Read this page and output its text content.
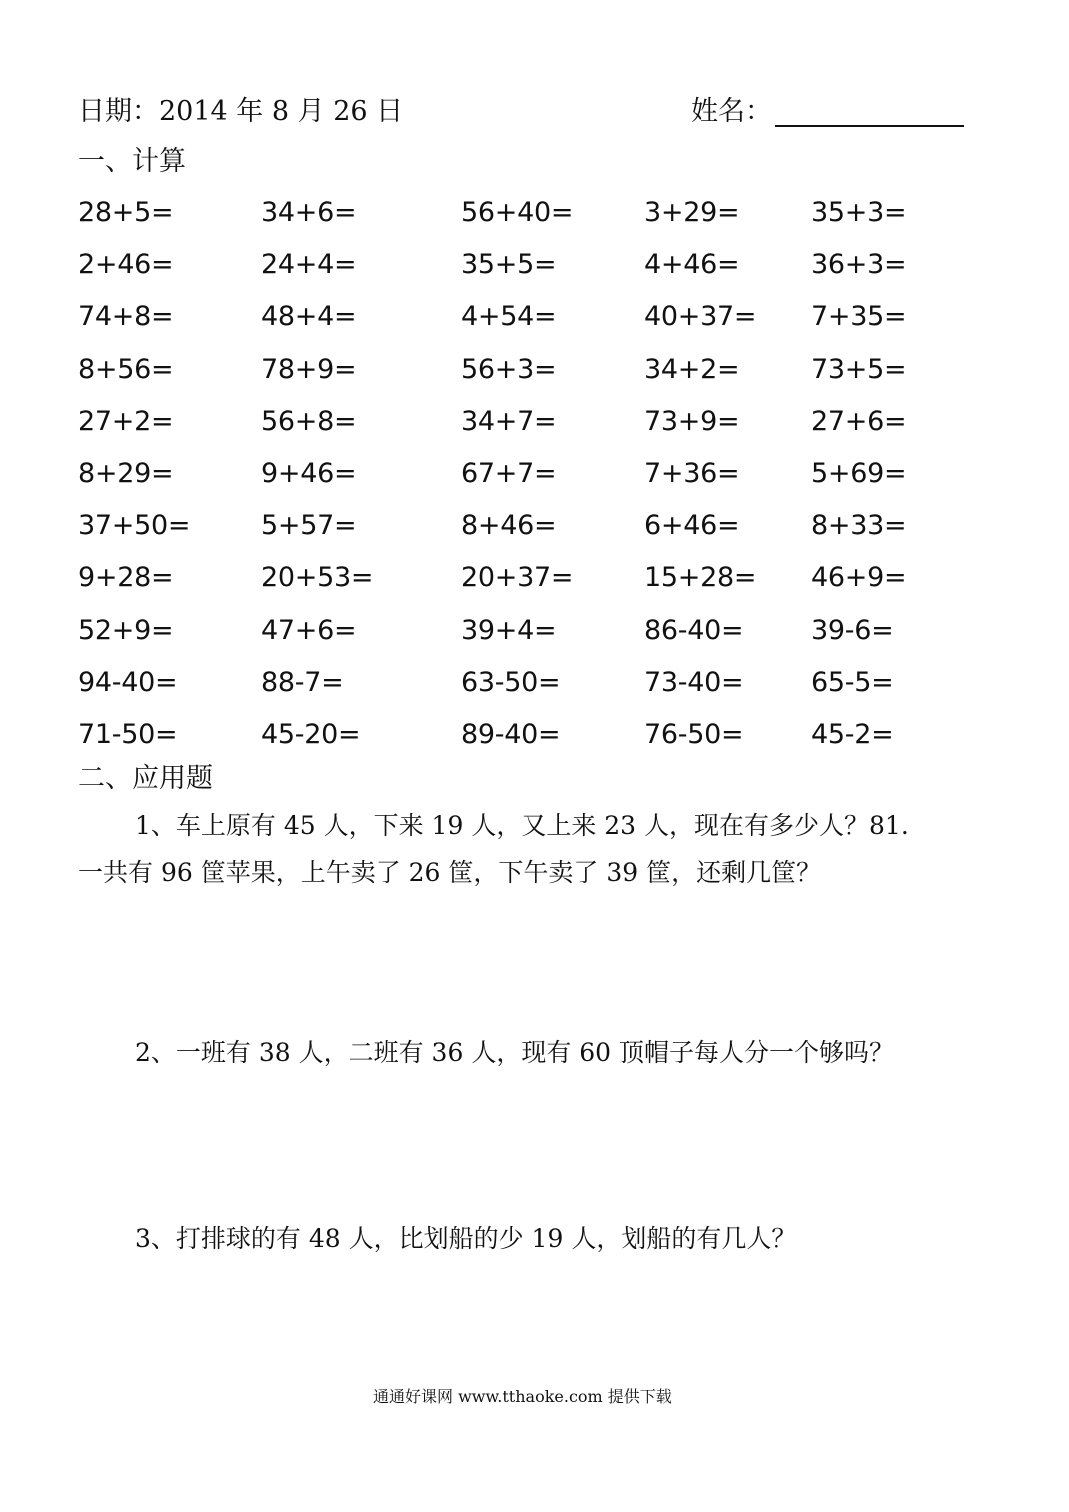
日期：2014 年 8 月 26 日	姓名：
一、计算
28+5=	34+6=	56+40=	3+29=	35+3=
2+46=	24+4=	35+5=	4+46=	36+3=
74+8=	48+4=	4+54=	40+37= 7+35=
8+56=	78+9=	56+3=	34+2=	73+5=
27+2=	56+8=	34+7=	73+9=	27+6=
8+29=	9+46=	67+7=	7+36=	5+69=
37+50=	5+57=	8+46=	6+46=	8+33=
9+28=	20+53=	20+37=	15+28= 46+9=
52+9=	47+6=	39+4=	86-40=	39-6=
94-40=	88-7=	63-50=	73-40=	65-5=
71-50=	45-20=	89-40=	76-50=	45-2=
二、应用题
1、车上原有 45 人，下来 19 人，又上来 23 人，现在有多少人？81.
一共有 96 筐苹果，上午卖了 26 筐，下午卖了 39 筐，还剩几筐？
2、一班有 38 人，二班有 36 人，现有 60 顶帽子每人分一个够吗？
3、打排球的有 48 人，比划船的少 19 人，划船的有几人？
通通好课网 www.tthaoke.com 提供下载
